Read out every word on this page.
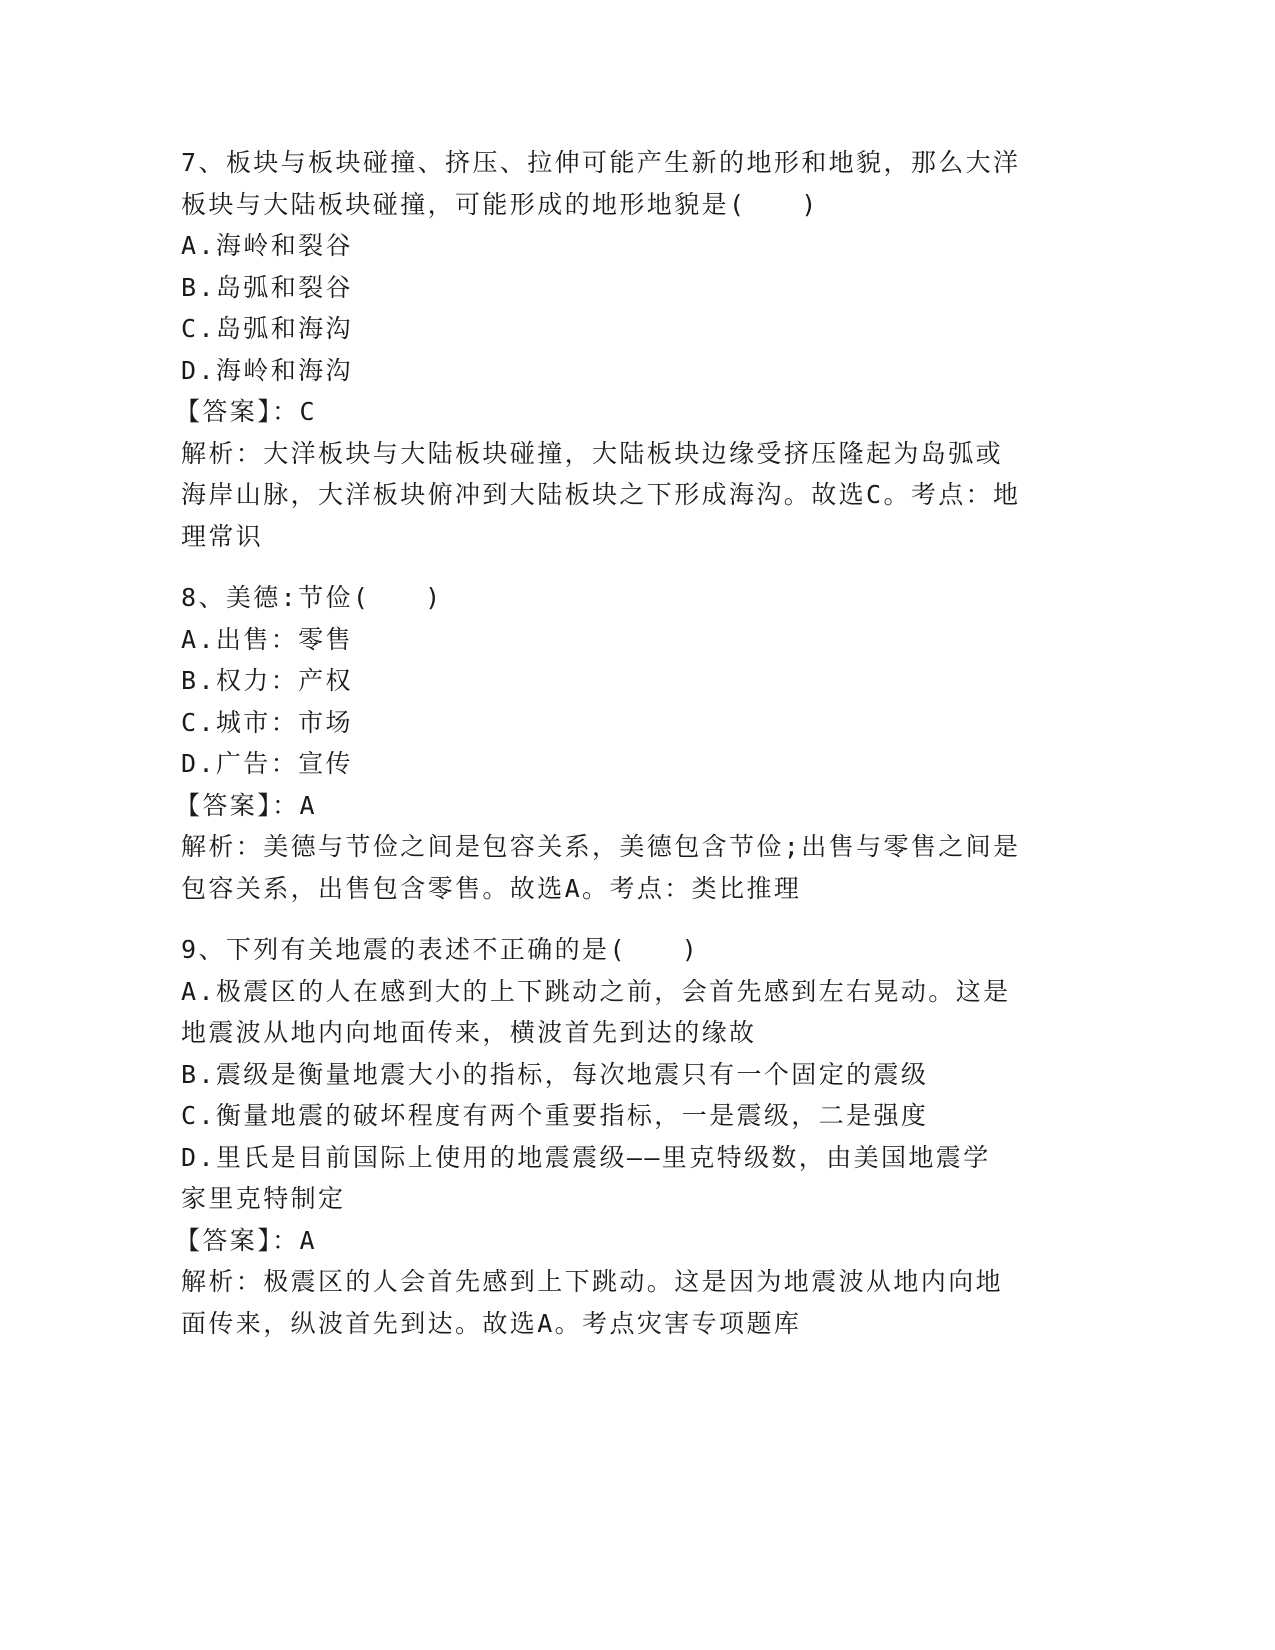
7、板块与板块碰撞、挤压、拉伸可能产生新的地形和地貌，那么大洋
板块与大陆板块碰撞，可能形成的地形地貌是(　　)
A.海岭和裂谷
B.岛弧和裂谷
C.岛弧和海沟
D.海岭和海沟
【答案】：C
解析：大洋板块与大陆板块碰撞，大陆板块边缘受挤压隆起为岛弧或
海岸山脉，大洋板块俯冲到大陆板块之下形成海沟。故选C。考点：地
理常识
8、美德:节俭(　　)
A.出售：零售
B.权力：产权
C.城市：市场
D.广告：宣传
【答案】：A
解析：美德与节俭之间是包容关系，美德包含节俭;出售与零售之间是
包容关系，出售包含零售。故选A。考点：类比推理
9、下列有关地震的表述不正确的是(　　)
A.极震区的人在感到大的上下跳动之前，会首先感到左右晃动。这是
地震波从地内向地面传来，横波首先到达的缘故
B.震级是衡量地震大小的指标，每次地震只有一个固定的震级
C.衡量地震的破坏程度有两个重要指标，一是震级，二是强度
D.里氏是目前国际上使用的地震震级——里克特级数，由美国地震学
家里克特制定
【答案】：A
解析：极震区的人会首先感到上下跳动。这是因为地震波从地内向地
面传来，纵波首先到达。故选A。考点灾害专项题库
